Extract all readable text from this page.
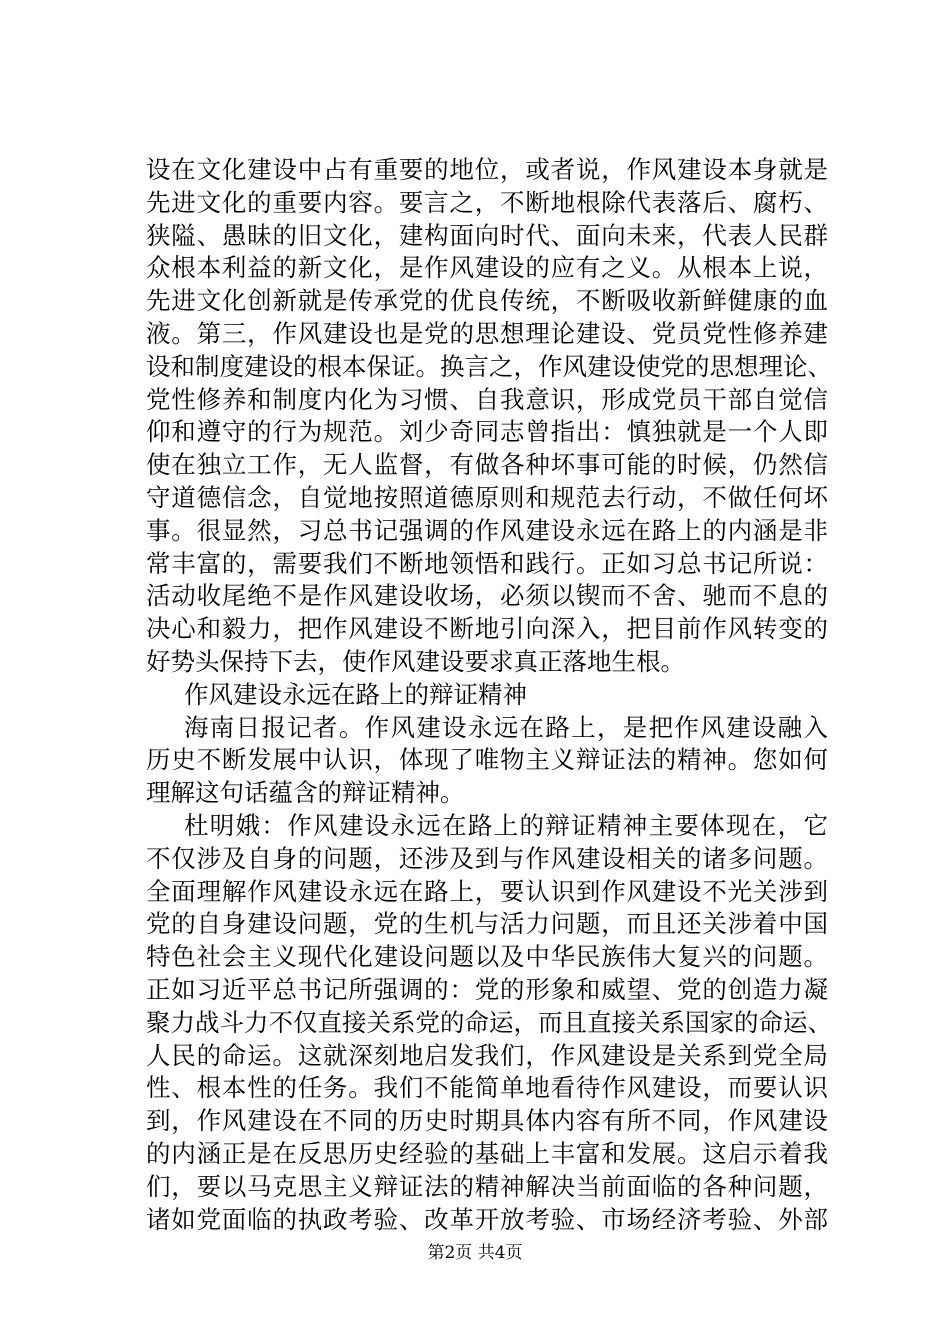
设在文化建设中占有重要的地位，或者说，作风建设本身就是
先进文化的重要内容。要言之，不断地根除代表落后、腐朽、
狭隘、愚昧的旧文化，建构面向时代、面向未来，代表人民群
众根本利益的新文化，是作风建设的应有之义。从根本上说，
先进文化创新就是传承党的优良传统，不断吸收新鲜健康的血
液。第三，作风建设也是党的思想理论建设、党员党性修养建
设和制度建设的根本保证。换言之，作风建设使党的思想理论、
党性修养和制度内化为习惯、自我意识，形成党员干部自觉信
仰和遵守的行为规范。刘少奇同志曾指出：慎独就是一个人即
使在独立工作，无人监督，有做各种坏事可能的时候，仍然信
守道德信念，自觉地按照道德原则和规范去行动，不做任何坏
事。很显然，习总书记强调的作风建设永远在路上的内涵是非
常丰富的，需要我们不断地领悟和践行。正如习总书记所说：
活动收尾绝不是作风建设收场，必须以锲而不舍、驰而不息的
决心和毅力，把作风建设不断地引向深入，把目前作风转变的
好势头保持下去，使作风建设要求真正落地生根。
作风建设永远在路上的辩证精神
海南日报记者。作风建设永远在路上，是把作风建设融入
历史不断发展中认识，体现了唯物主义辩证法的精神。您如何
理解这句话蕴含的辩证精神。
杜明娥：作风建设永远在路上的辩证精神主要体现在，它
不仅涉及自身的问题，还涉及到与作风建设相关的诸多问题。
全面理解作风建设永远在路上，要认识到作风建设不光关涉到
党的自身建设问题，党的生机与活力问题，而且还关涉着中国
特色社会主义现代化建设问题以及中华民族伟大复兴的问题。
正如习近平总书记所强调的：党的形象和威望、党的创造力凝
聚力战斗力不仅直接关系党的命运，而且直接关系国家的命运、
人民的命运。这就深刻地启发我们，作风建设是关系到党全局
性、根本性的任务。我们不能简单地看待作风建设，而要认识
到，作风建设在不同的历史时期具体内容有所不同，作风建设
的内涵正是在反思历史经验的基础上丰富和发展。这启示着我
们，要以马克思主义辩证法的精神解决当前面临的各种问题，
诸如党面临的执政考验、改革开放考验、市场经济考验、外部
第2页 共4页
